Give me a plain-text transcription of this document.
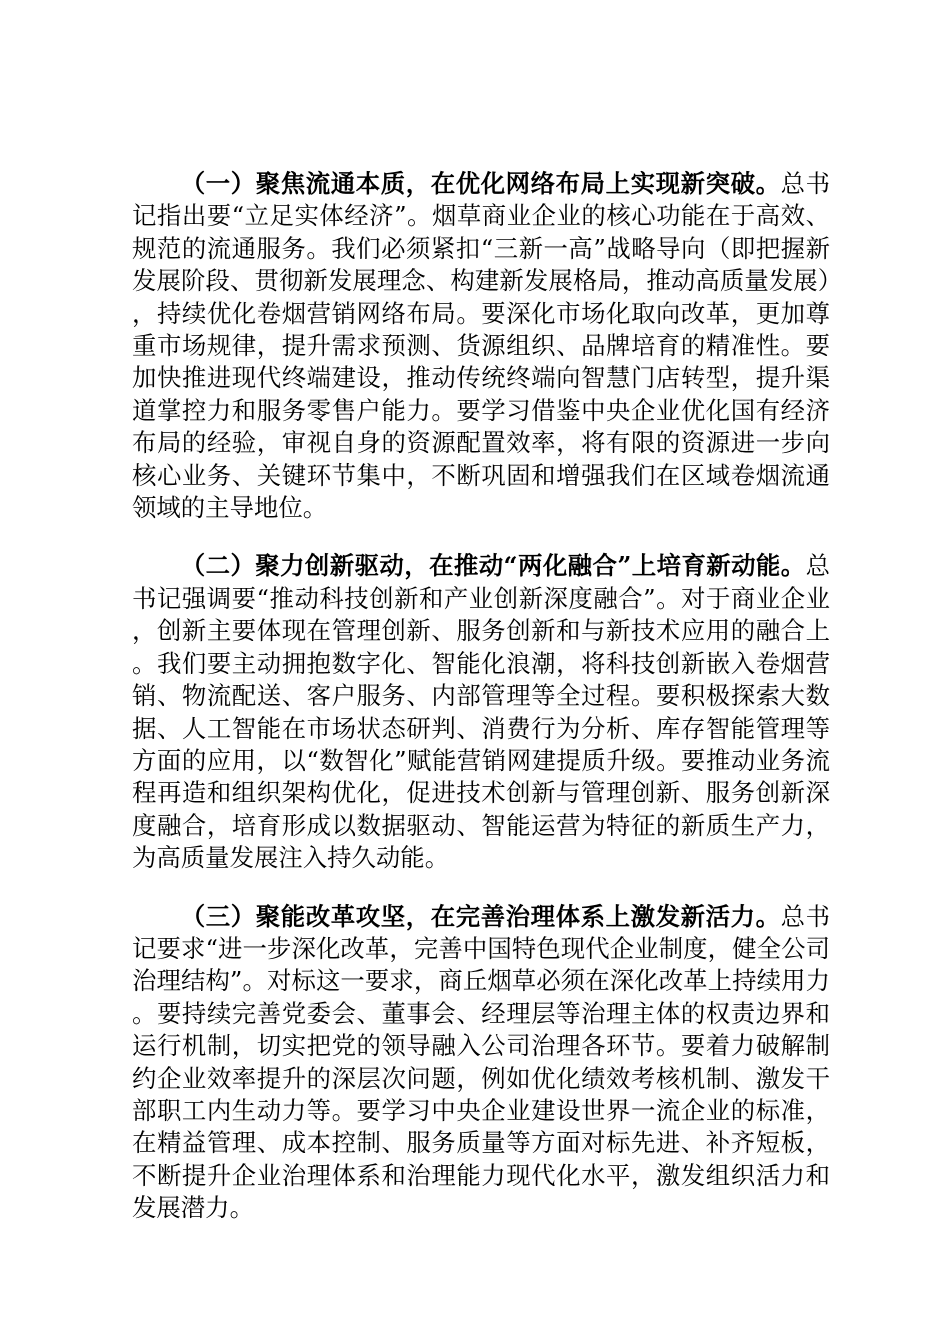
（一）聚焦流通本质，在优化网络布局上实现新突破。总书记指出要“立足实体经济”。烟草商业企业的核心功能在于高效、规范的流通服务。我们必须紧扣“三新一高”战略导向（即把握新发展阶段、贯彻新发展理念、构建新发展格局，推动高质量发展），持续优化卷烟营销网络布局。要深化市场化取向改革，更加尊重市场规律，提升需求预测、货源组织、品牌培育的精准性。要加快推进现代终端建设，推动传统终端向智慧门店转型，提升渠道掌控力和服务零售户能力。要学习借鉴中央企业优化国有经济布局的经验，审视自身的资源配置效率，将有限的资源进一步向核心业务、关键环节集中，不断巩固和增强我们在区域卷烟流通领域的主导地位。

（二）聚力创新驱动，在推动“两化融合”上培育新动能。总书记强调要“推动科技创新和产业创新深度融合”。对于商业企业，创新主要体现在管理创新、服务创新和与新技术应用的融合上。我们要主动拥抱数字化、智能化浪潮，将科技创新嵌入卷烟营销、物流配送、客户服务、内部管理等全过程。要积极探索大数据、人工智能在市场状态研判、消费行为分析、库存智能管理等方面的应用，以“数智化”赋能营销网建提质升级。要推动业务流程再造和组织架构优化，促进技术创新与管理创新、服务创新深度融合，培育形成以数据驱动、智能运营为特征的新质生产力，为高质量发展注入持久动能。

（三）聚能改革攻坚，在完善治理体系上激发新活力。总书记要求“进一步深化改革，完善中国特色现代企业制度，健全公司治理结构”。对标这一要求，商丘烟草必须在深化改革上持续用力。要持续完善党委会、董事会、经理层等治理主体的权责边界和运行机制，切实把党的领导融入公司治理各环节。要着力破解制约企业效率提升的深层次问题，例如优化绩效考核机制、激发干部职工内生动力等。要学习中央企业建设世界一流企业的标准，在精益管理、成本控制、服务质量等方面对标先进、补齐短板，不断提升企业治理体系和治理能力现代化水平，激发组织活力和发展潜力。
